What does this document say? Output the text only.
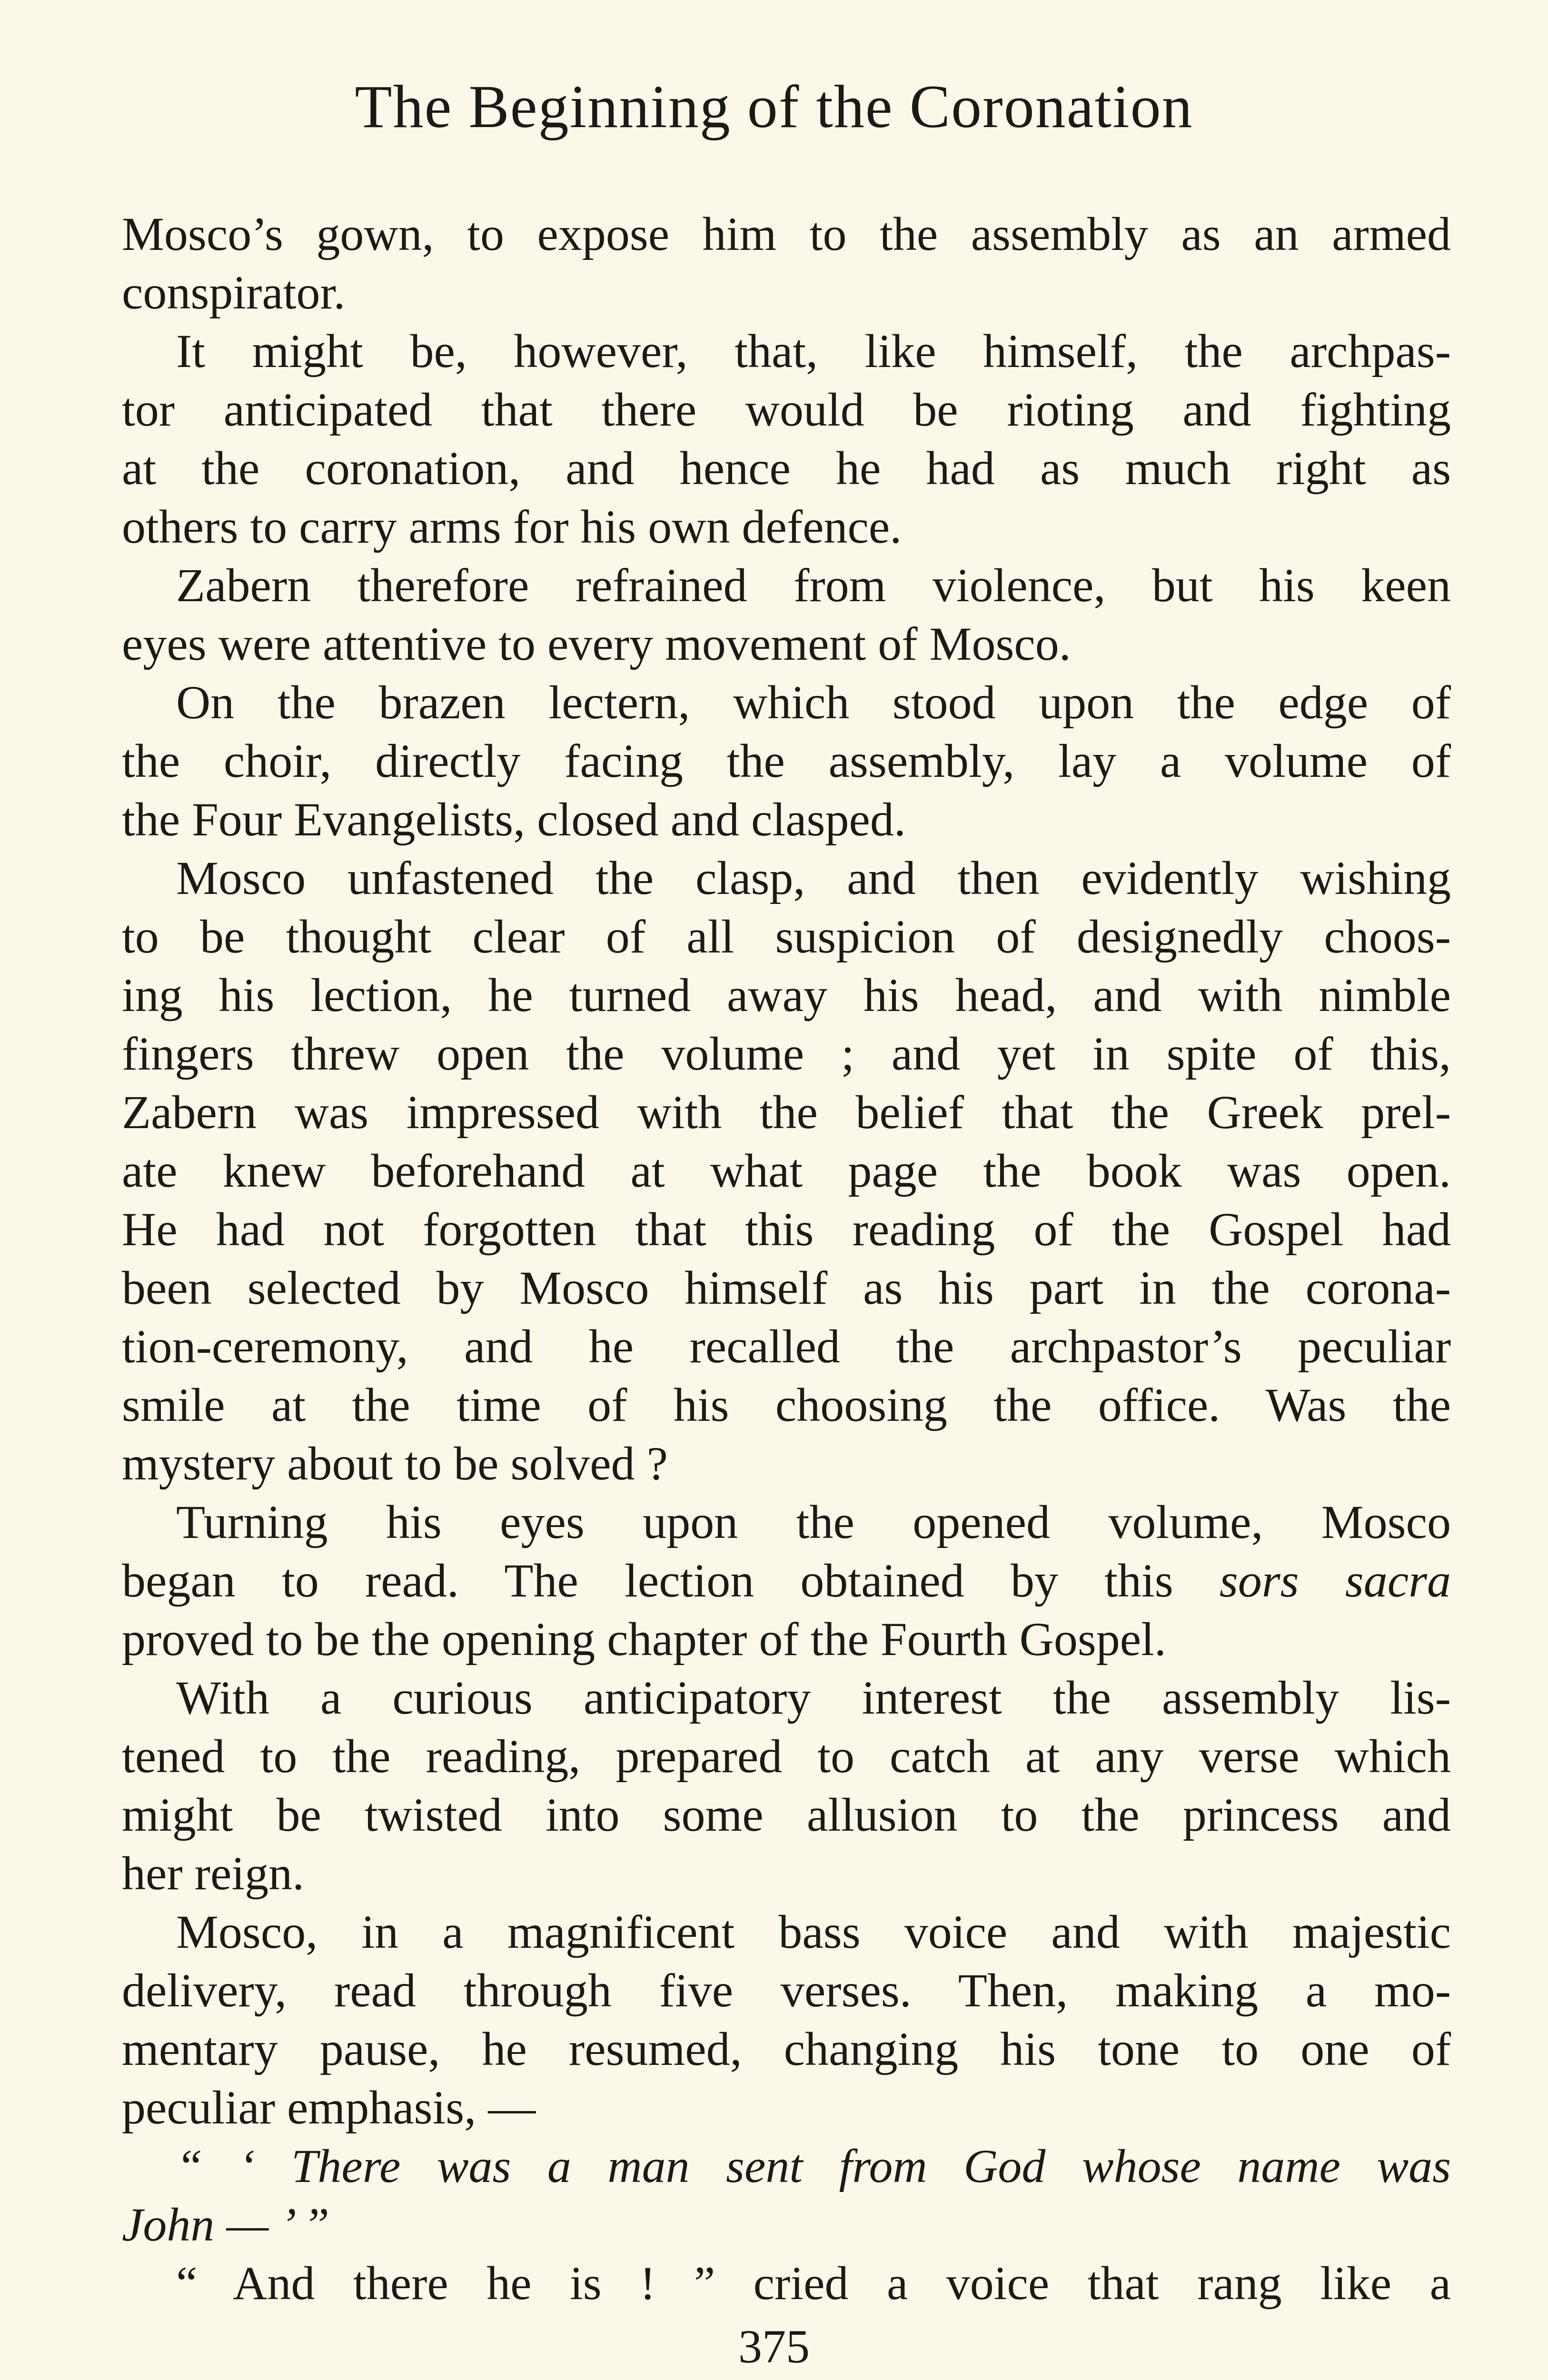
The Beginning of the Coronation
Mosco’s gown, to expose him to the assembly as an armed
conspirator.
It might be, however, that, like himself, the archpas-
tor anticipated that there would be rioting and fighting
at the coronation, and hence he had as much right as
others to carry arms for his own defence.
Zabern therefore refrained from violence, but his keen
eyes were attentive to every movement of Mosco.
On the brazen lectern, which stood upon the edge of
the choir, directly facing the assembly, lay a volume of
the Four Evangelists, closed and clasped.
Mosco unfastened the clasp, and then evidently wishing
to be thought clear of all suspicion of designedly choos-
ing his lection, he turned away his head, and with nimble
fingers threw open the volume ; and yet in spite of this,
Zabern was impressed with the belief that the Greek prel-
ate knew beforehand at what page the book was open.
He had not forgotten that this reading of the Gospel had
been selected by Mosco himself as his part in the corona-
tion-ceremony, and he recalled the archpastor’s peculiar
smile at the time of his choosing the office. Was the
mystery about to be solved ?
Turning his eyes upon the opened volume, Mosco
began to read. The lection obtained by this sors sacra
proved to be the opening chapter of the Fourth Gospel.
With a curious anticipatory interest the assembly lis-
tened to the reading, prepared to catch at any verse which
might be twisted into some allusion to the princess and
her reign.
Mosco, in a magnificent bass voice and with majestic
delivery, read through five verses. Then, making a mo-
mentary pause, he resumed, changing his tone to one of
peculiar emphasis, —
“ ‘ There was a man sent from God whose name was
John — ’ ”
“ And there he is ! ” cried a voice that rang like a
375
